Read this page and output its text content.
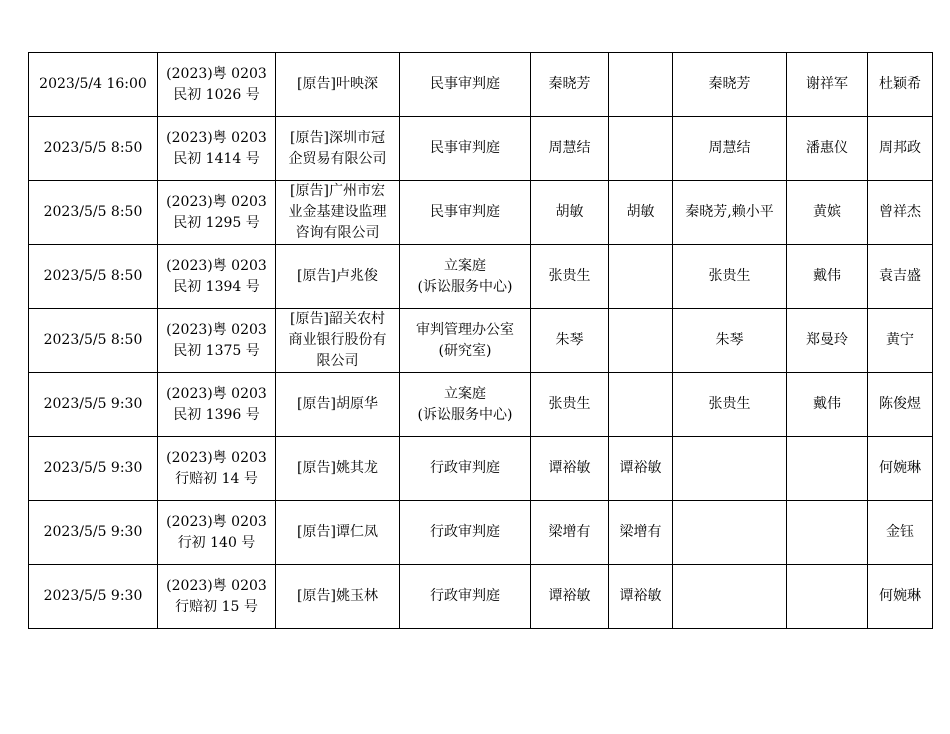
2023/5/4 16:00	(2023)粤 0203
民初 1026 号	[原告]叶映深	民事审判庭	秦晓芳		秦晓芳	谢祥军	杜颖希
2023/5/5 8:50	(2023)粤 0203
民初 1414 号	[原告]深圳市冠
企贸易有限公司	民事审判庭	周慧结		周慧结	潘惠仪	周邦政
2023/5/5 8:50	(2023)粤 0203
民初 1295 号	[原告]广州市宏
业金基建设监理
咨询有限公司	民事审判庭	胡敏	胡敏	秦晓芳,赖小平	黄嫔	曾祥杰
2023/5/5 8:50	(2023)粤 0203
民初 1394 号	[原告]卢兆俊	立案庭
(诉讼服务中心)	张贵生		张贵生	戴伟	袁吉盛
2023/5/5 8:50	(2023)粤 0203
民初 1375 号	[原告]韶关农村
商业银行股份有
限公司	审判管理办公室
(研究室)	朱琴		朱琴	郑曼玲	黄宁
2023/5/5 9:30	(2023)粤 0203
民初 1396 号	[原告]胡原华	立案庭
(诉讼服务中心)	张贵生		张贵生	戴伟	陈俊煜
2023/5/5 9:30	(2023)粤 0203
行赔初 14 号	[原告]姚其龙	行政审判庭	谭裕敏	谭裕敏			何婉琳
2023/5/5 9:30	(2023)粤 0203
行初 140 号	[原告]谭仁凤	行政审判庭	梁增有	梁增有			金钰
2023/5/5 9:30	(2023)粤 0203
行赔初 15 号	[原告]姚玉林	行政审判庭	谭裕敏	谭裕敏			何婉琳
